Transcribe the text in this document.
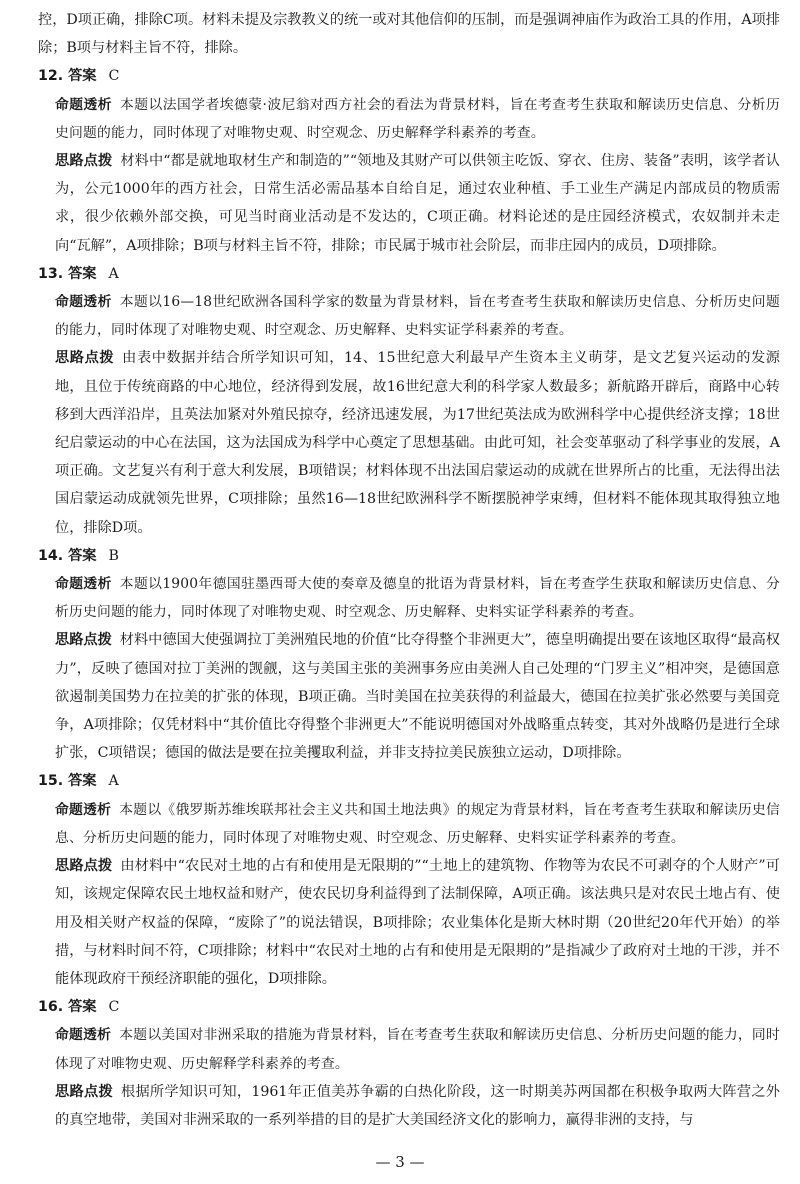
控，D项正确，排除C项。材料未提及宗教教义的统一或对其他信仰的压制，而是强调神庙作为政治工具的作用，A项排除；B项与材料主旨不符，排除。

12. 答案 C

命题透析 本题以法国学者埃德蒙·波尼翁对西方社会的看法为背景材料，旨在考查考生获取和解读历史信息、分析历史问题的能力，同时体现了对唯物史观、时空观念、历史解释学科素养的考查。

思路点拨 材料中“都是就地取材生产和制造的”“领地及其财产可以供领主吃饭、穿衣、住房、装备”表明，该学者认为，公元1000年的西方社会，日常生活必需品基本自给自足，通过农业种植、手工业生产满足内部成员的物质需求，很少依赖外部交换，可见当时商业活动是不发达的，C项正确。材料论述的是庄园经济模式，农奴制并未走向“瓦解”，A项排除；B项与材料主旨不符，排除；市民属于城市社会阶层，而非庄园内的成员，D项排除。

13. 答案 A

命题透析 本题以16—18世纪欧洲各国科学家的数量为背景材料，旨在考查考生获取和解读历史信息、分析历史问题的能力，同时体现了对唯物史观、时空观念、历史解释、史料实证学科素养的考查。

思路点拨 由表中数据并结合所学知识可知，14、15世纪意大利最早产生资本主义萌芽，是文艺复兴运动的发源地，且位于传统商路的中心地位，经济得到发展，故16世纪意大利的科学家人数最多；新航路开辟后，商路中心转移到大西洋沿岸，且英法加紧对外殖民掠夺，经济迅速发展，为17世纪英法成为欧洲科学中心提供经济支撑；18世纪启蒙运动的中心在法国，这为法国成为科学中心奠定了思想基础。由此可知，社会变革驱动了科学事业的发展，A项正确。文艺复兴有利于意大利发展，B项错误；材料体现不出法国启蒙运动的成就在世界所占的比重，无法得出法国启蒙运动成就领先世界，C项排除；虽然16—18世纪欧洲科学不断摆脱神学束缚，但材料不能体现其取得独立地位，排除D项。

14. 答案 B

命题透析 本题以1900年德国驻墨西哥大使的奏章及德皇的批语为背景材料，旨在考查学生获取和解读历史信息、分析历史问题的能力，同时体现了对唯物史观、时空观念、历史解释、史料实证学科素养的考查。

思路点拨 材料中德国大使强调拉丁美洲殖民地的价值“比夺得整个非洲更大”，德皇明确提出要在该地区取得“最高权力”，反映了德国对拉丁美洲的觊觎，这与美国主张的美洲事务应由美洲人自己处理的“门罗主义”相冲突，是德国意欲遏制美国势力在拉美的扩张的体现，B项正确。当时美国在拉美获得的利益最大，德国在拉美扩张必然要与美国竞争，A项排除；仅凭材料中“其价值比夺得整个非洲更大”不能说明德国对外战略重点转变，其对外战略仍是进行全球扩张，C项错误；德国的做法是要在拉美攫取利益，并非支持拉美民族独立运动，D项排除。

15. 答案 A

命题透析 本题以《俄罗斯苏维埃联邦社会主义共和国土地法典》的规定为背景材料，旨在考查考生获取和解读历史信息、分析历史问题的能力，同时体现了对唯物史观、时空观念、历史解释、史料实证学科素养的考查。

思路点拨 由材料中“农民对土地的占有和使用是无限期的”“土地上的建筑物、作物等为农民不可剥夺的个人财产”可知，该规定保障农民土地权益和财产，使农民切身利益得到了法制保障，A项正确。该法典只是对农民土地占有、使用及相关财产权益的保障，“废除了”的说法错误，B项排除；农业集体化是斯大林时期（20世纪20年代开始）的举措，与材料时间不符，C项排除；材料中“农民对土地的占有和使用是无限期的”是指减少了政府对土地的干涉，并不能体现政府干预经济职能的强化，D项排除。

16. 答案 C

命题透析 本题以美国对非洲采取的措施为背景材料，旨在考查考生获取和解读历史信息、分析历史问题的能力，同时体现了对唯物史观、历史解释学科素养的考查。

思路点拨 根据所学知识可知，1961年正值美苏争霸的白热化阶段，这一时期美苏两国都在积极争取两大阵营之外的真空地带，美国对非洲采取的一系列举措的目的是扩大美国经济文化的影响力，赢得非洲的支持，与

— 3 —
